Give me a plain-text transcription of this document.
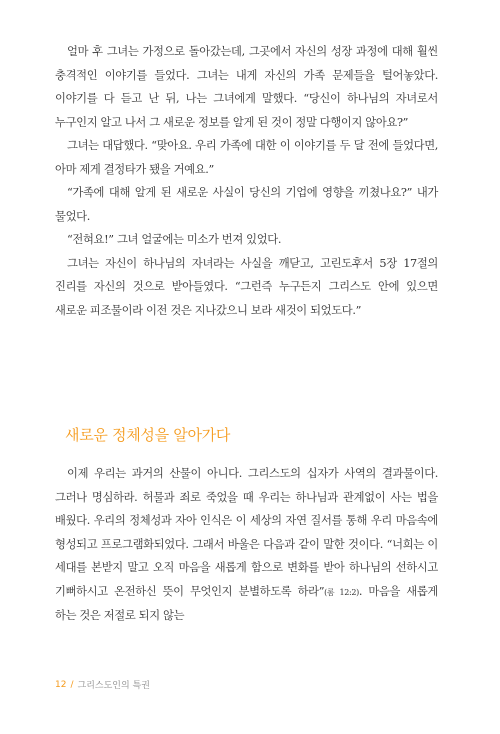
얼마 후 그녀는 가정으로 돌아갔는데, 그곳에서 자신의 성장 과정에 대해 훨씬 충격적인 이야기를 들었다. 그녀는 내게 자신의 가족 문제들을 털어놓았다. 이야기를 다 듣고 난 뒤, 나는 그녀에게 말했다. “당신이 하나님의 자녀로서 누구인지 알고 나서 그 새로운 정보를 알게 된 것이 정말 다행이지 않아요?”

그녀는 대답했다. “맞아요. 우리 가족에 대한 이 이야기를 두 달 전에 들었다면, 아마 제게 결정타가 됐을 거예요.”

“가족에 대해 알게 된 새로운 사실이 당신의 기업에 영향을 끼쳤나요?” 내가 물었다.

“전혀요!” 그녀 얼굴에는 미소가 번져 있었다.

그녀는 자신이 하나님의 자녀라는 사실을 깨닫고, 고린도후서 5장 17절의 진리를 자신의 것으로 받아들였다. “그런즉 누구든지 그리스도 안에 있으면 새로운 피조물이라 이전 것은 지나갔으니 보라 새것이 되었도다.”

새로운 정체성을 알아가다

이제 우리는 과거의 산물이 아니다. 그리스도의 십자가 사역의 결과물이다. 그러나 명심하라. 허물과 죄로 죽었을 때 우리는 하나님과 관계없이 사는 법을 배웠다. 우리의 정체성과 자아 인식은 이 세상의 자연 질서를 통해 우리 마음속에 형성되고 프로그램화되었다. 그래서 바울은 다음과 같이 말한 것이다. “너희는 이 세대를 본받지 말고 오직 마음을 새롭게 함으로 변화를 받아 하나님의 선하시고 기뻐하시고 온전하신 뜻이 무엇인지 분별하도록 하라”(롬 12:2). 마음을 새롭게 하는 것은 저절로 되지 않는

12 / 그리스도인의 특권
